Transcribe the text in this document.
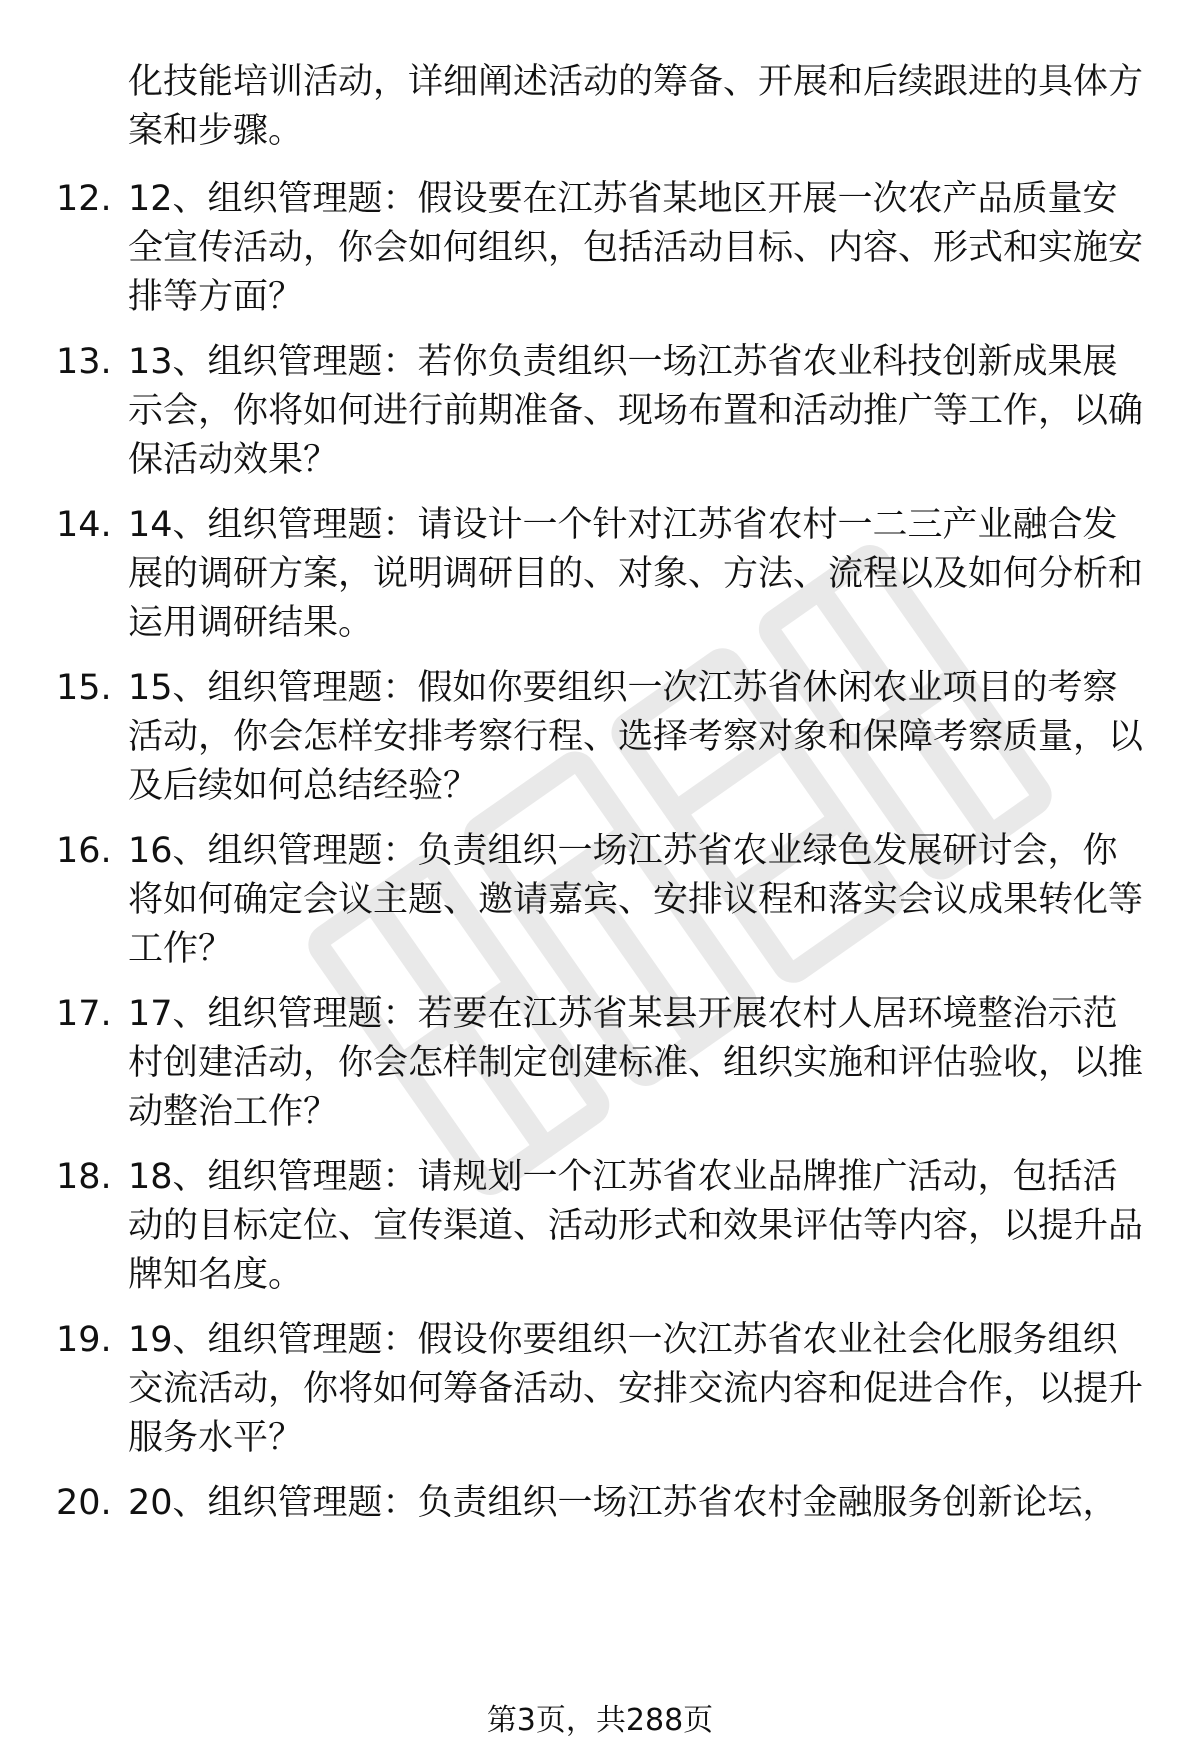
化技能培训活动，详细阐述活动的筹备、开展和后续跟进的具体方案和步骤。

12. 12、组织管理题：假设要在江苏省某地区开展一次农产品质量安全宣传活动，你会如何组织，包括活动目标、内容、形式和实施安排等方面？

13. 13、组织管理题：若你负责组织一场江苏省农业科技创新成果展示会，你将如何进行前期准备、现场布置和活动推广等工作，以确保活动效果？

14. 14、组织管理题：请设计一个针对江苏省农村一二三产业融合发展的调研方案，说明调研目的、对象、方法、流程以及如何分析和运用调研结果。

15. 15、组织管理题：假如你要组织一次江苏省休闲农业项目的考察活动，你会怎样安排考察行程、选择考察对象和保障考察质量，以及后续如何总结经验？

16. 16、组织管理题：负责组织一场江苏省农业绿色发展研讨会，你将如何确定会议主题、邀请嘉宾、安排议程和落实会议成果转化等工作？

17. 17、组织管理题：若要在江苏省某县开展农村人居环境整治示范村创建活动，你会怎样制定创建标准、组织实施和评估验收，以推动整治工作？

18. 18、组织管理题：请规划一个江苏省农业品牌推广活动，包括活动的目标定位、宣传渠道、活动形式和效果评估等内容，以提升品牌知名度。

19. 19、组织管理题：假设你要组织一次江苏省农业社会化服务组织交流活动，你将如何筹备活动、安排交流内容和促进合作，以提升服务水平？

20. 20、组织管理题：负责组织一场江苏省农村金融服务创新论坛，

第3页，共288页
